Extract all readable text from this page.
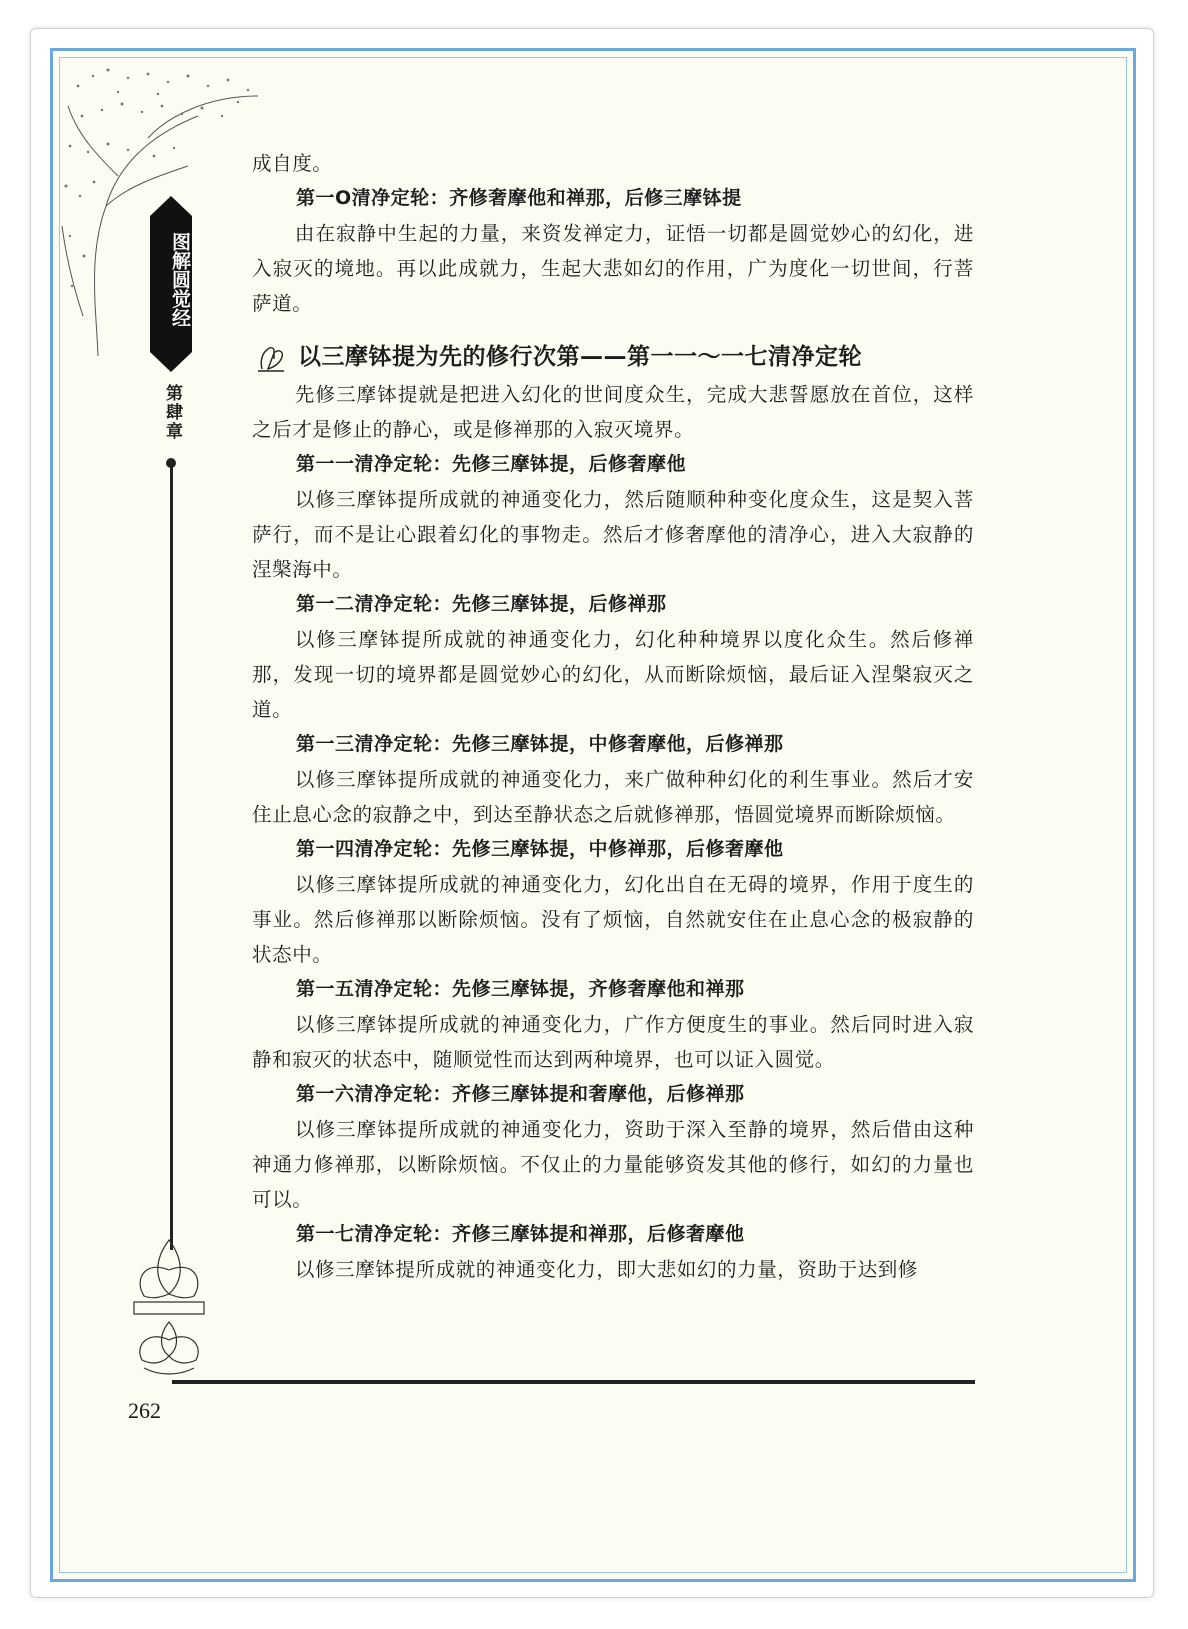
图解圆觉经
第肆章
262

成自度。

第一O清净定轮：齐修奢摩他和禅那，后修三摩钵提

由在寂静中生起的力量，来资发禅定力，证悟一切都是圆觉妙心的幻化，进入寂灭的境地。再以此成就力，生起大悲如幻的作用，广为度化一切世间，行菩萨道。

以三摩钵提为先的修行次第——第一一～一七清净定轮

先修三摩钵提就是把进入幻化的世间度众生，完成大悲誓愿放在首位，这样之后才是修止的静心，或是修禅那的入寂灭境界。

第一一清净定轮：先修三摩钵提，后修奢摩他

以修三摩钵提所成就的神通变化力，然后随顺种种变化度众生，这是契入菩萨行，而不是让心跟着幻化的事物走。然后才修奢摩他的清净心，进入大寂静的涅槃海中。

第一二清净定轮：先修三摩钵提，后修禅那

以修三摩钵提所成就的神通变化力，幻化种种境界以度化众生。然后修禅那，发现一切的境界都是圆觉妙心的幻化，从而断除烦恼，最后证入涅槃寂灭之道。

第一三清净定轮：先修三摩钵提，中修奢摩他，后修禅那

以修三摩钵提所成就的神通变化力，来广做种种幻化的利生事业。然后才安住止息心念的寂静之中，到达至静状态之后就修禅那，悟圆觉境界而断除烦恼。

第一四清净定轮：先修三摩钵提，中修禅那，后修奢摩他

以修三摩钵提所成就的神通变化力，幻化出自在无碍的境界，作用于度生的事业。然后修禅那以断除烦恼。没有了烦恼，自然就安住在止息心念的极寂静的状态中。

第一五清净定轮：先修三摩钵提，齐修奢摩他和禅那

以修三摩钵提所成就的神通变化力，广作方便度生的事业。然后同时进入寂静和寂灭的状态中，随顺觉性而达到两种境界，也可以证入圆觉。

第一六清净定轮：齐修三摩钵提和奢摩他，后修禅那

以修三摩钵提所成就的神通变化力，资助于深入至静的境界，然后借由这种神通力修禅那，以断除烦恼。不仅止的力量能够资发其他的修行，如幻的力量也可以。

第一七清净定轮：齐修三摩钵提和禅那，后修奢摩他

以修三摩钵提所成就的神通变化力，即大悲如幻的力量，资助于达到修
